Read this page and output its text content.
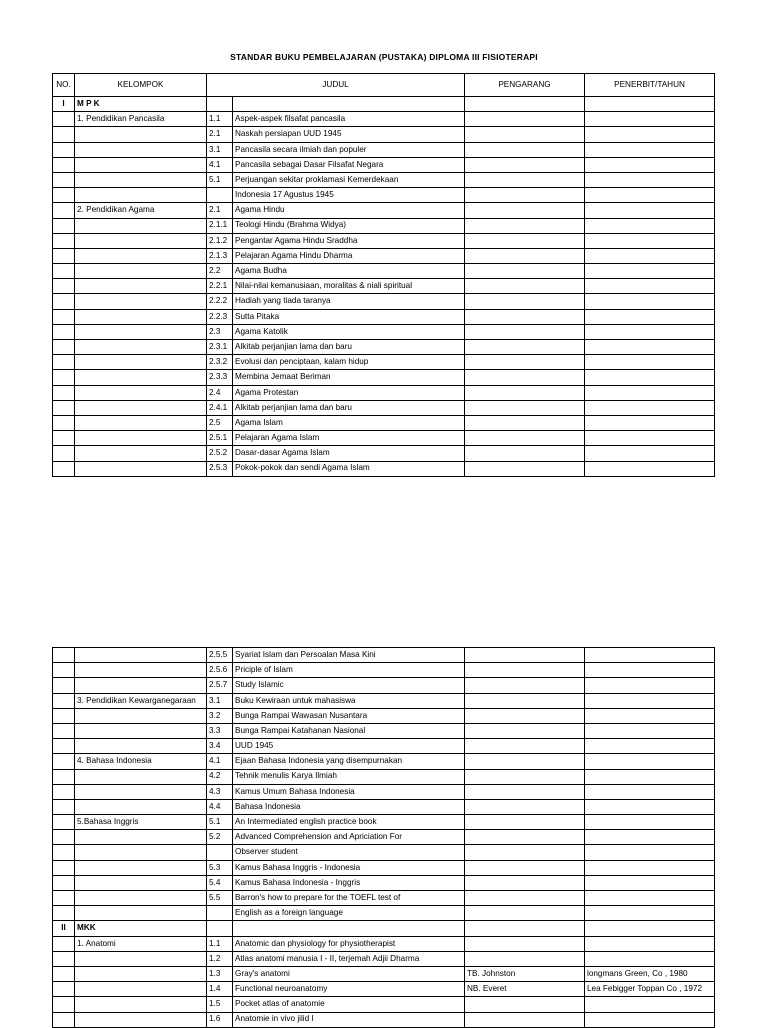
STANDAR BUKU PEMBELAJARAN (PUSTAKA) DIPLOMA III FISIOTERAPI
NO.	KELOMPOK	JUDUL		PENGARANG	PENERBIT/TAHUN
I	M P K				
	1. Pendidikan Pancasila	1.1	Aspek-aspek filsafat pancasila		
		2.1	Naskah persiapan UUD 1945		
		3.1	Pancasila secara ilmiah dan populer		
		4.1	Pancasila sebagai Dasar Filsafat Negara		
		5.1	Perjuangan sekitar proklamasi Kemerdekaan		
			Indonesia 17 Agustus 1945		
	2. Pendidikan Agama	2.1	Agama Hindu		
		2.1.1	Teologi Hindu (Brahma Widya)		
		2.1.2	Pengantar Agama Hindu Sraddha		
		2.1.3	Pelajaran Agama Hindu Dharma		
		2.2	Agama Budha		
		2.2.1	Nilai-nilai kemanusiaan, moralitas & niali spiritual		
		2.2.2	Hadiah yang tiada taranya		
		2.2.3	Sutta Pitaka		
		2.3	Agama Katolik		
		2.3.1	Alkitab perjanjian lama dan baru		
		2.3.2	Evolusi dan penciptaan, kalam hidup		
		2.3.3	Membina Jemaat Beriman		
		2.4	Agama Protestan		
		2.4.1	Alkitab perjanjian lama dan baru		
		2.5	Agama Islam		
		2.5.1	Pelajaran Agama Islam		
		2.5.2	Dasar-dasar Agama Islam		
		2.5.3	Pokok-pokok dan sendi Agama Islam		
		2.5.5	Syariat Islam dan Persoalan Masa Kini		
		2.5.6	Priciple of Islam		
		2.5.7	Study Islamic		
	3. Pendidikan Kewarganegaraan	3.1	Buku Kewiraan untuk mahasiswa		
		3.2	Bunga Rampai Wawasan Nusantara		
		3.3	Bunga Rampai Katahanan Nasional		
		3.4	UUD 1945		
	4. Bahasa Indonesia	4.1	Ejaan Bahasa Indonesia yang disempurnakan		
		4.2	Tehnik menulis Karya Ilmiah		
		4.3	Kamus Umum Bahasa Indonesia		
		4.4	Bahasa Indonesia		
	5.Bahasa Inggris	5.1	An Intermediated english practice book		
		5.2	Advanced Comprehension and Apriciation For		
			Observer student		
		5.3	Kamus Bahasa Inggris - Indonesia		
		5.4	Kamus Bahasa Indonesia - Inggris		
		5.5	Barron's how to prepare for the TOEFL test of		
			English as a foreign language		
II	MKK				
	1. Anatomi	1.1	Anatomic dan physiology for physiotherapist		
		1.2	Atlas anatomi manusia I - II, terjemah Adjii Dharma		
		1.3	Gray's anatomi	TB. Johnston	longmans Green, Co , 1980
		1.4	Functional neuroanatomy	NB. Everet	Lea Febigger Toppan Co , 1972
		1.5	Pocket atlas of anatomie		
		1.6	Anatomie in vivo jilid I		
